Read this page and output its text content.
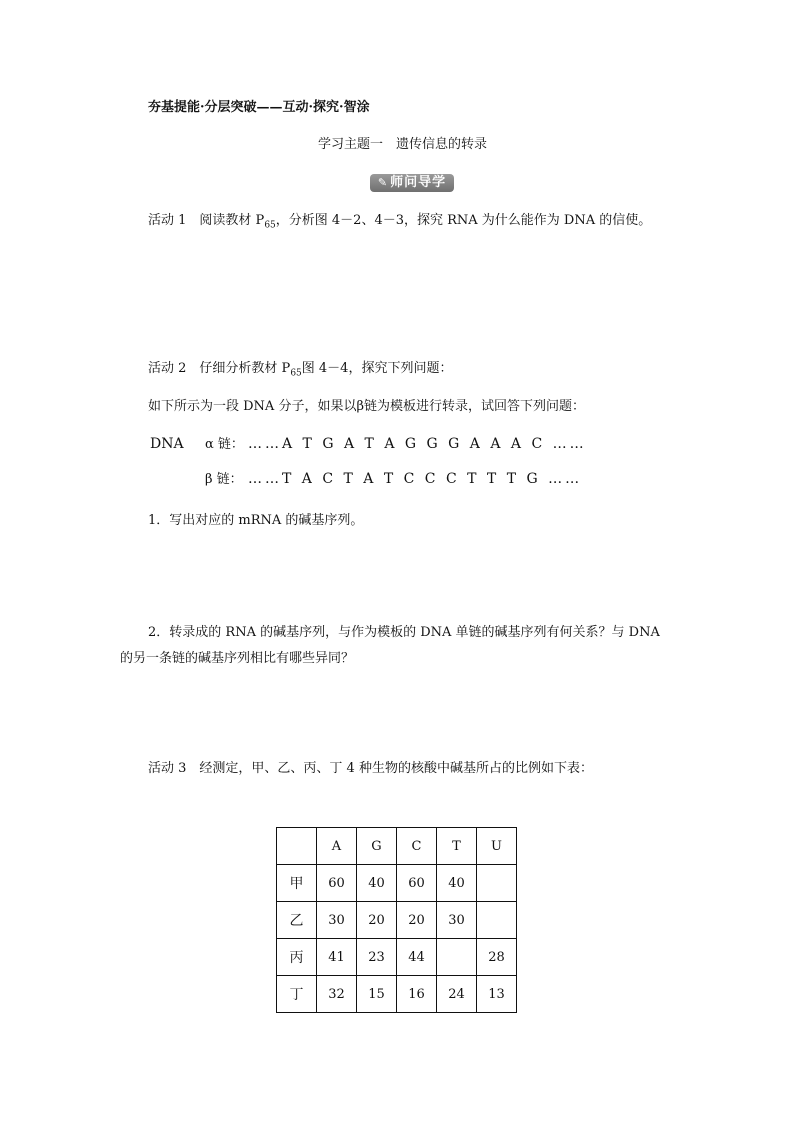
夯基提能·分层突破——互动·探究·智涂
学习主题一　遗传信息的转录
✎ 师问导学
活动 1　 阅读教材 $P_{65}$，分析图 4－2、4－3，探究 RNA 为什么能作为 DNA 的信使。
活动 2　 仔细分析教材 $P_{65}$图 4－4，探究下列问题：
如下所示为一段 DNA 分子，如果以β链为模板进行转录，试回答下列问题：
DNA α 链： ……A T G A T A G G G A A A C ……
β 链： ……T A C T A T C C C T T T G ……
1．写出对应的 mRNA 的碱基序列。
2．转录成的 RNA 的碱基序列，与作为模板的 DNA 单链的碱基序列有何关系？与 DNA
的另一条链的碱基序列相比有哪些异同？
活动 3　 经测定，甲、乙、丙、丁 4 种生物的核酸中碱基所占的比例如下表：
	A	G	C	T	U
甲	60	40	60	40	
乙	30	20	20	30	
丙	41	23	44		28
丁	32	15	16	24	13
